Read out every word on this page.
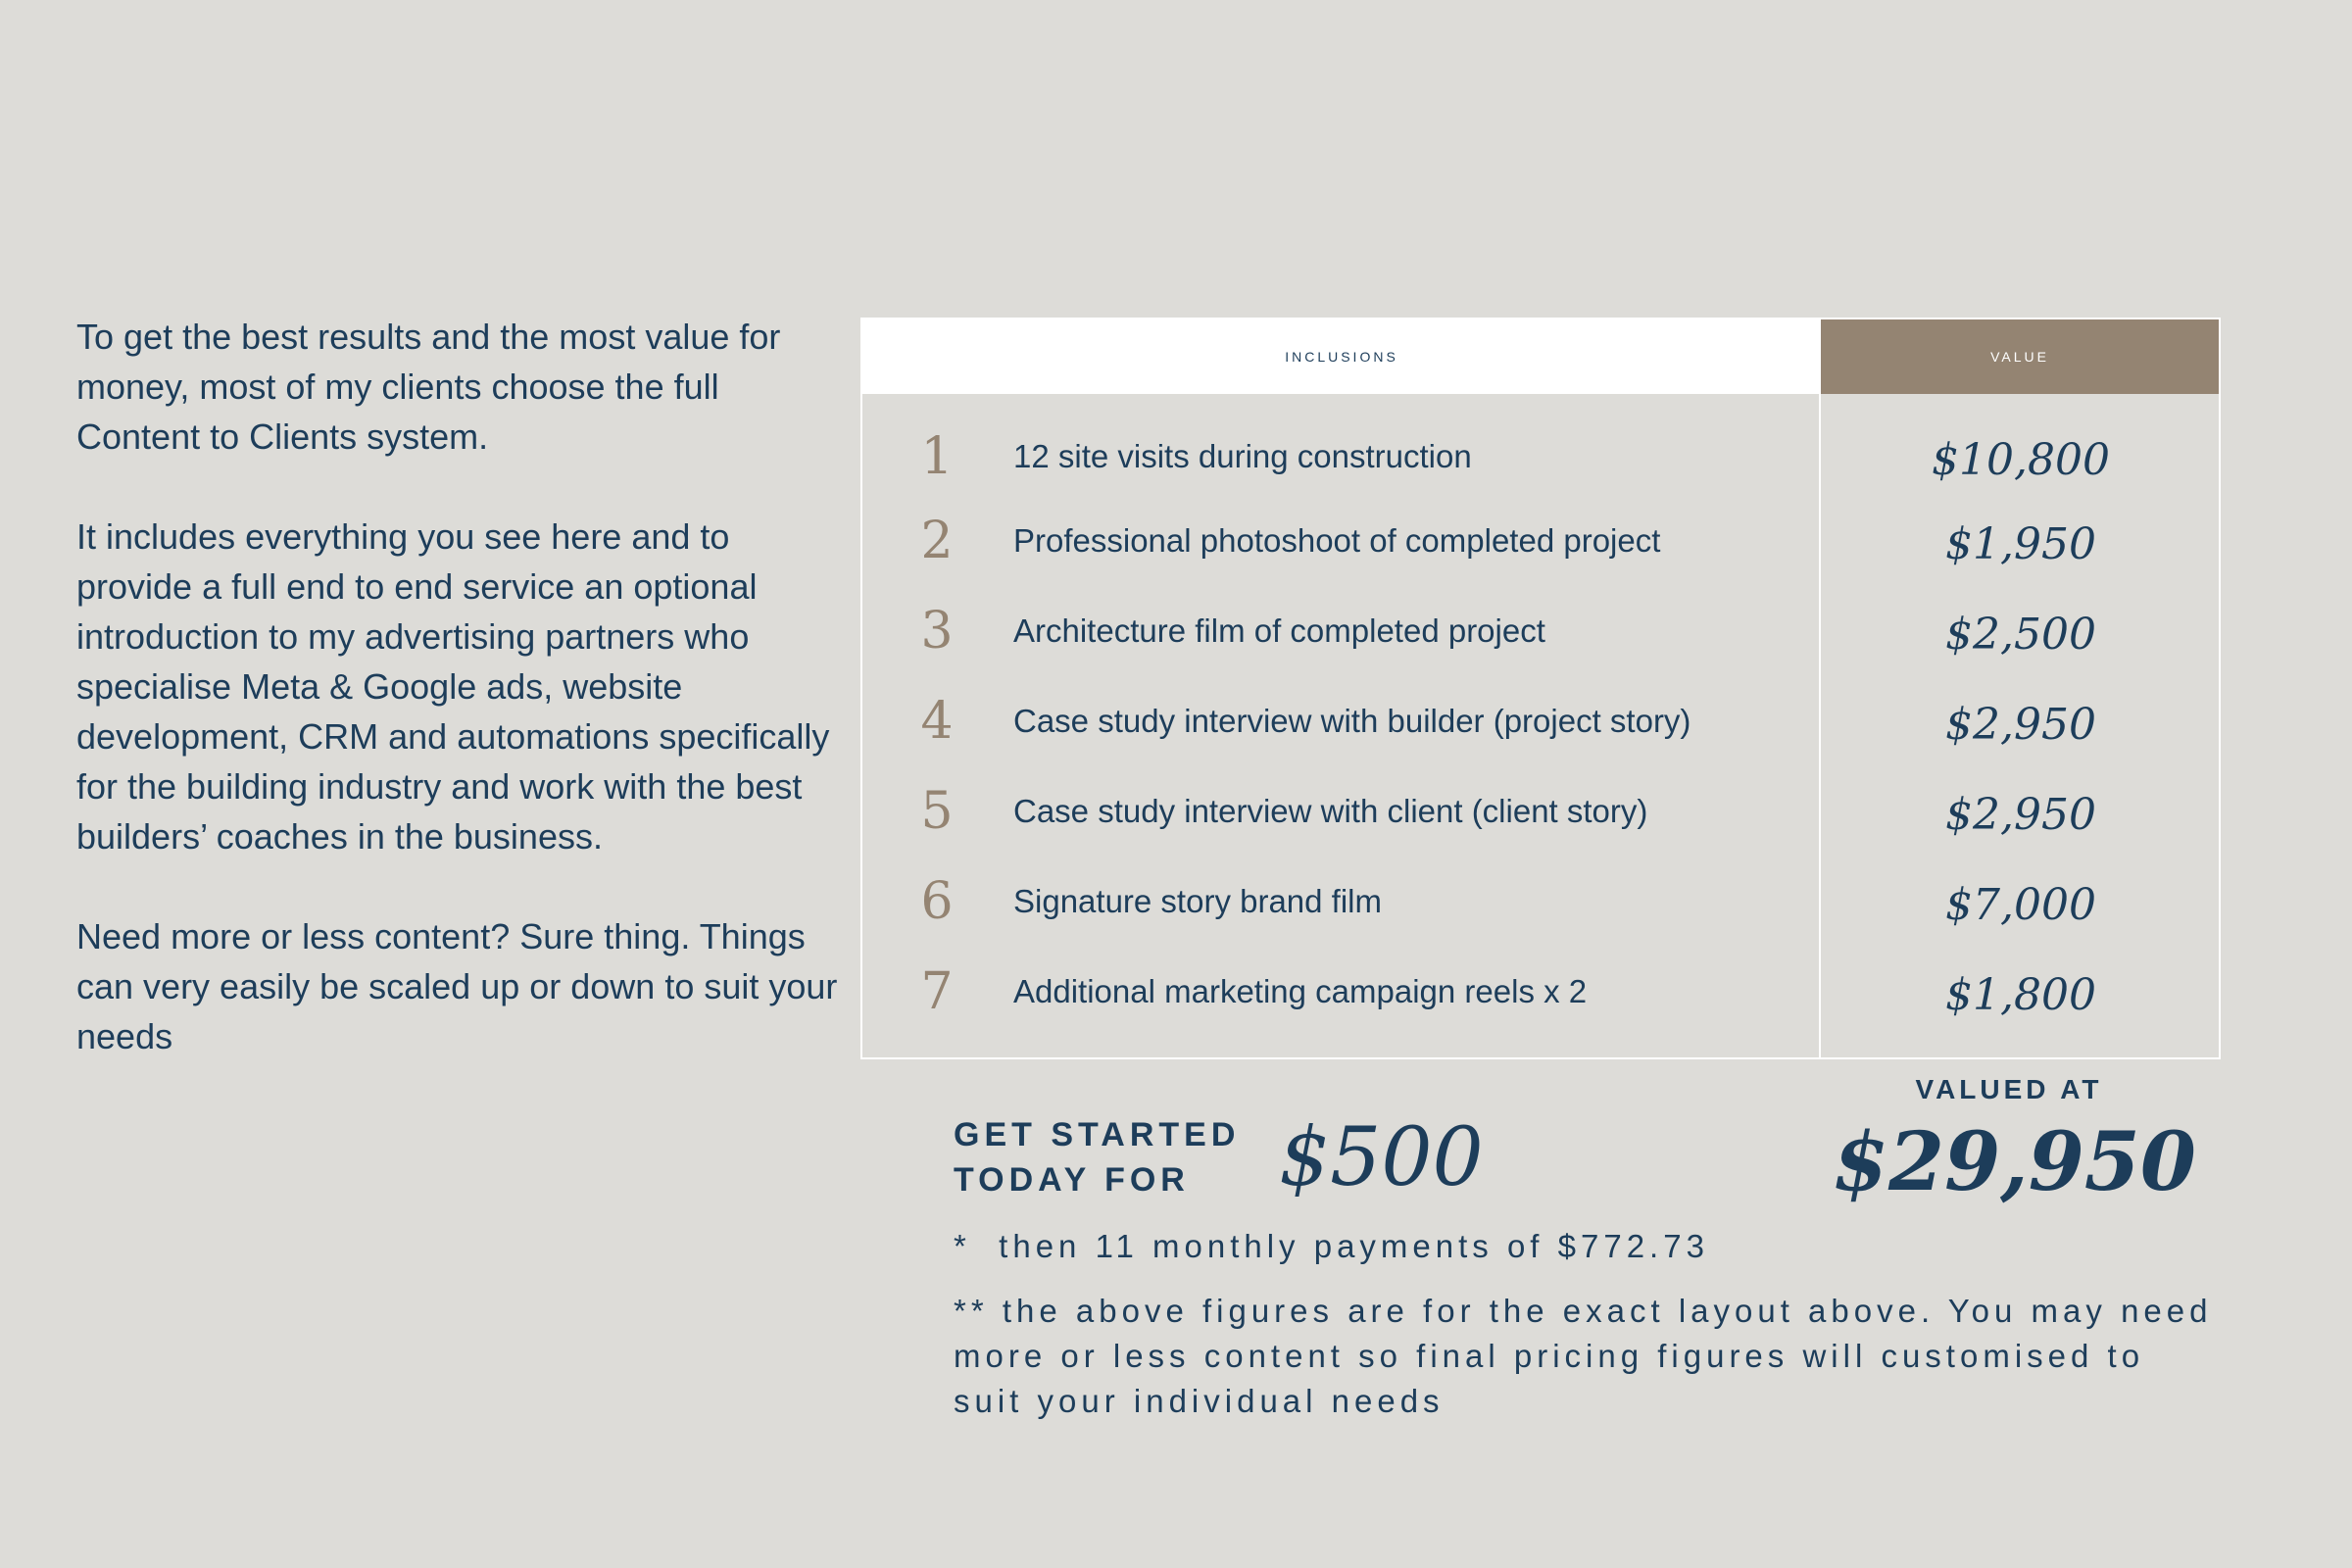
To get the best results and the most value for money, most of my clients choose the full Content to Clients system.

It includes everything you see here and to provide a full end to end service an optional introduction to my advertising partners who specialise Meta & Google ads, website development, CRM and automations specifically for the building industry and work with the best builders’ coaches in the business.

Need more or less content? Sure thing. Things can very easily be scaled up or down to suit your needs

INCLUSIONS	VALUE
1 12 site visits during construction	$10,800
2 Professional photoshoot of completed project	$1,950
3 Architecture film of completed project	$2,500
4 Case study interview with builder (project story)	$2,950
5 Case study interview with client (client story)	$2,950
6 Signature story brand film	$7,000
7 Additional marketing campaign reels x 2	$1,800
GET STARTED
TODAY FOR	$500
VALUED AT
$29,950
*  then 11 monthly payments of $772.73
** the above figures are for the exact layout above. You may need more or less content so final pricing figures will customised to suit your individual needs
